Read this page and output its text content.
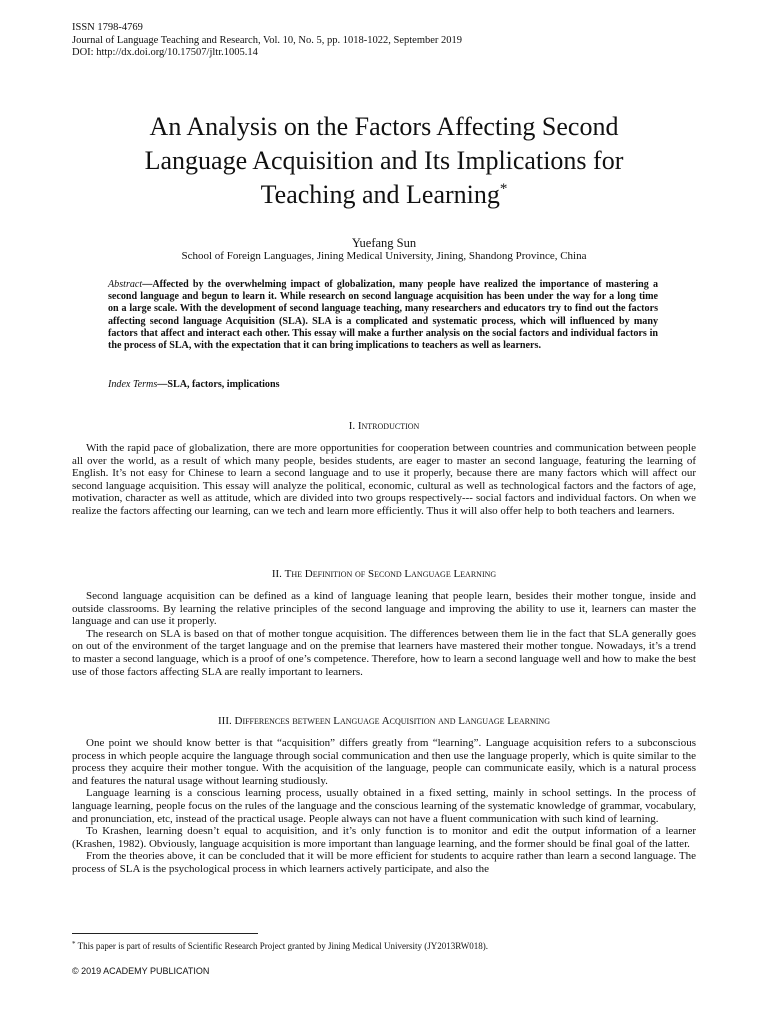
ISSN 1798-4769
Journal of Language Teaching and Research, Vol. 10, No. 5, pp. 1018-1022, September 2019
DOI: http://dx.doi.org/10.17507/jltr.1005.14
An Analysis on the Factors Affecting Second
Language Acquisition and Its Implications for
Teaching and Learning*
Yuefang Sun
School of Foreign Languages, Jining Medical University, Jining, Shandong Province, China
Abstract—Affected by the overwhelming impact of globalization, many people have realized the importance of mastering a second language and begun to learn it. While research on second language acquisition has been under the way for a long time on a large scale. With the development of second language teaching, many researchers and educators try to find out the factors affecting second language Acquisition (SLA). SLA is a complicated and systematic process, which will influenced by many factors that affect and interact each other. This essay will make a further analysis on the social factors and individual factors in the process of SLA, with the expectation that it can bring implications to teachers as well as learners.
Index Terms—SLA, factors, implications
I. Introduction

With the rapid pace of globalization, there are more opportunities for cooperation between countries and communication between people all over the world, as a result of which many people, besides students, are eager to master an second language, featuring the learning of English. It’s not easy for Chinese to learn a second language and to use it properly, because there are many factors which will affect our second language acquisition. This essay will analyze the political, economic, cultural as well as technological factors and the factors of age, motivation, character as well as attitude, which are divided into two groups respectively--- social factors and individual factors. On when we realize the factors affecting our learning, can we tech and learn more efficiently. Thus it will also offer help to both teachers and learners.

II. The Definition of Second Language Learning

Second language acquisition can be defined as a kind of language leaning that people learn, besides their mother tongue, inside and outside classrooms. By learning the relative principles of the second language and improving the ability to use it, learners can master the language and can use it properly.

The research on SLA is based on that of mother tongue acquisition. The differences between them lie in the fact that SLA generally goes on out of the environment of the target language and on the premise that learners have mastered their mother tongue. Nowadays, it’s a trend to master a second language, which is a proof of one’s competence. Therefore, how to learn a second language well and how to make the best use of those factors affecting SLA are really important to learners.

III. Differences between Language Acquisition and Language Learning

One point we should know better is that “acquisition” differs greatly from “learning”. Language acquisition refers to a subconscious process in which people acquire the language through social communication and then use the language properly, which is quite similar to the process they acquire their mother tongue. With the acquisition of the language, people can communicate easily, which is a natural process and features the natural usage without learning studiously.

Language learning is a conscious learning process, usually obtained in a fixed setting, mainly in school settings. In the process of language learning, people focus on the rules of the language and the conscious learning of the systematic knowledge of grammar, vocabulary, and pronunciation, etc, instead of the practical usage. People always can not have a fluent communication with such kind of learning.

To Krashen, learning doesn’t equal to acquisition, and it’s only function is to monitor and edit the output information of a learner (Krashen, 1982). Obviously, language acquisition is more important than language learning, and the former should be final goal of the latter.

From the theories above, it can be concluded that it will be more efficient for students to acquire rather than learn a second language. The process of SLA is the psychological process in which learners actively participate, and also the

* This paper is part of results of Scientific Research Project granted by Jining Medical University (JY2013RW018).
© 2019 ACADEMY PUBLICATION
